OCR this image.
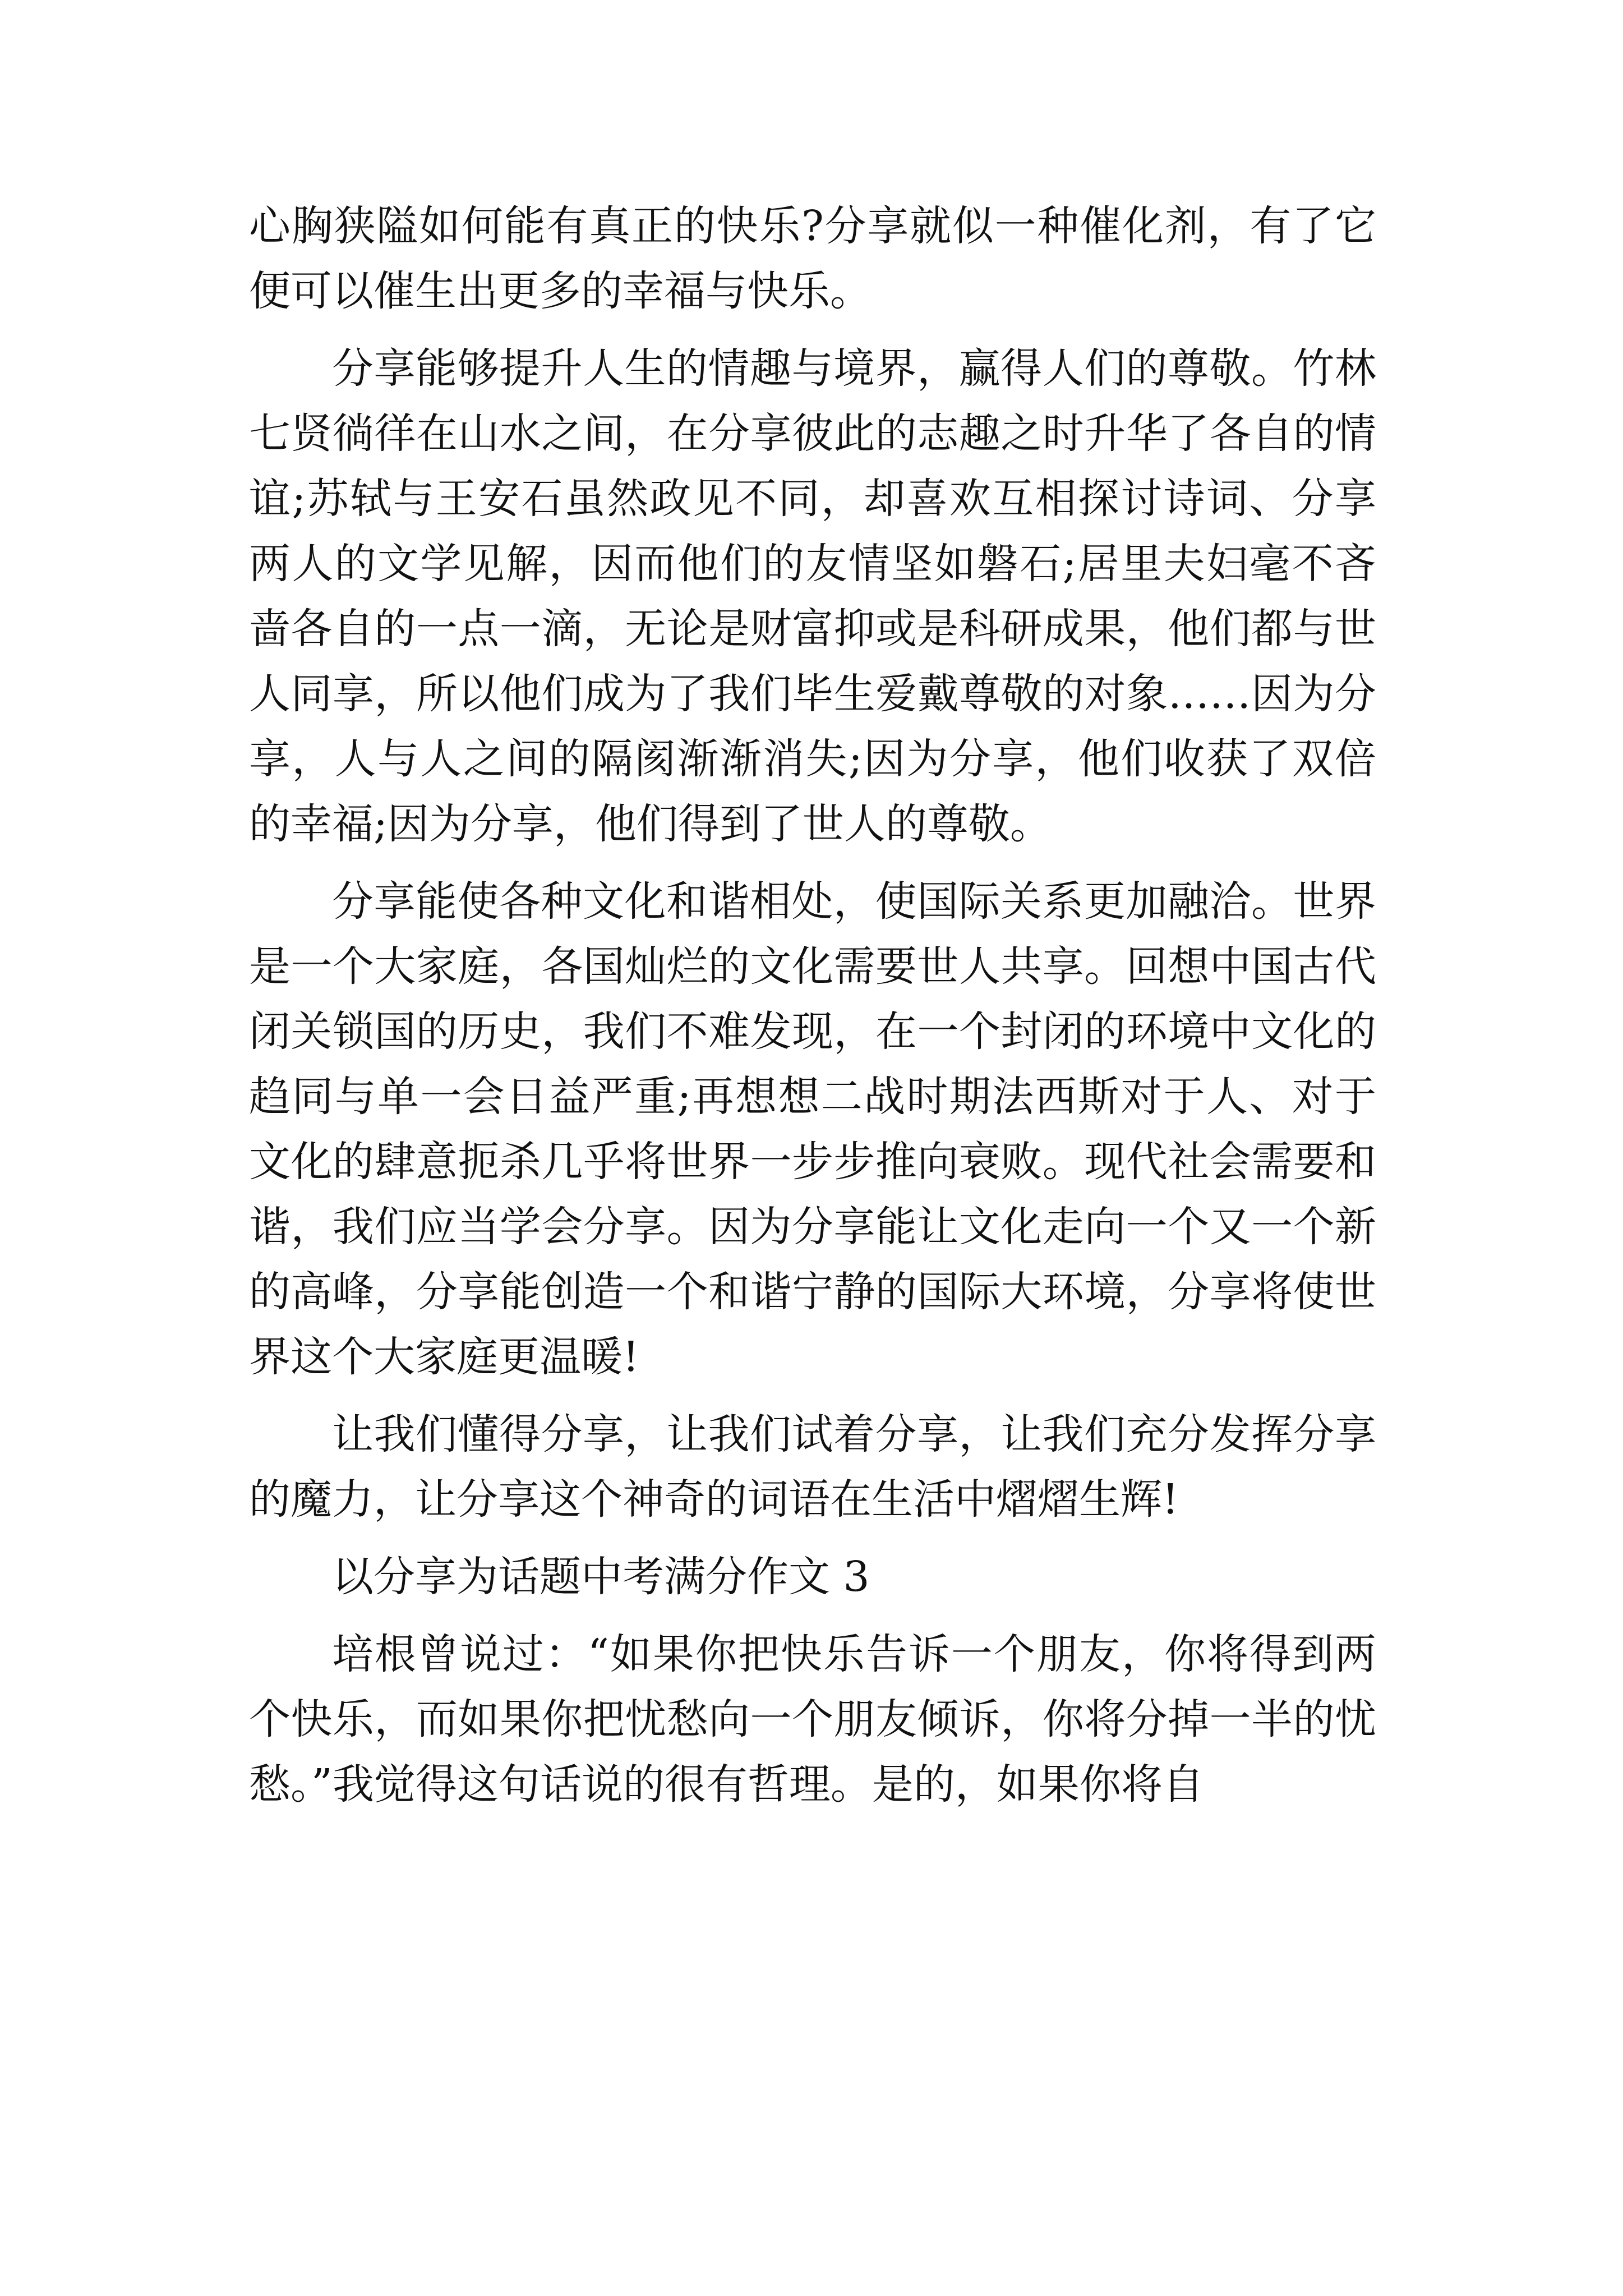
心胸狭隘如何能有真正的快乐?分享就似一种催化剂，有了它便可以催生出更多的幸福与快乐。

分享能够提升人生的情趣与境界，赢得人们的尊敬。竹林七贤徜徉在山水之间，在分享彼此的志趣之时升华了各自的情谊;苏轼与王安石虽然政见不同，却喜欢互相探讨诗词、分享两人的文学见解，因而他们的友情坚如磐石;居里夫妇毫不吝啬各自的一点一滴，无论是财富抑或是科研成果，他们都与世人同享，所以他们成为了我们毕生爱戴尊敬的对象……因为分享，人与人之间的隔阂渐渐消失;因为分享，他们收获了双倍的幸福;因为分享，他们得到了世人的尊敬。

分享能使各种文化和谐相处，使国际关系更加融洽。世界是一个大家庭，各国灿烂的文化需要世人共享。回想中国古代闭关锁国的历史，我们不难发现，在一个封闭的环境中文化的趋同与单一会日益严重;再想想二战时期法西斯对于人、对于文化的肆意扼杀几乎将世界一步步推向衰败。现代社会需要和谐，我们应当学会分享。因为分享能让文化走向一个又一个新的高峰，分享能创造一个和谐宁静的国际大环境，分享将使世界这个大家庭更温暖!

让我们懂得分享，让我们试着分享，让我们充分发挥分享的魔力，让分享这个神奇的词语在生活中熠熠生辉!

以分享为话题中考满分作文 3

培根曾说过：“如果你把快乐告诉一个朋友，你将得到两个快乐，而如果你把忧愁向一个朋友倾诉，你将分掉一半的忧愁。”我觉得这句话说的很有哲理。是的，如果你将自
